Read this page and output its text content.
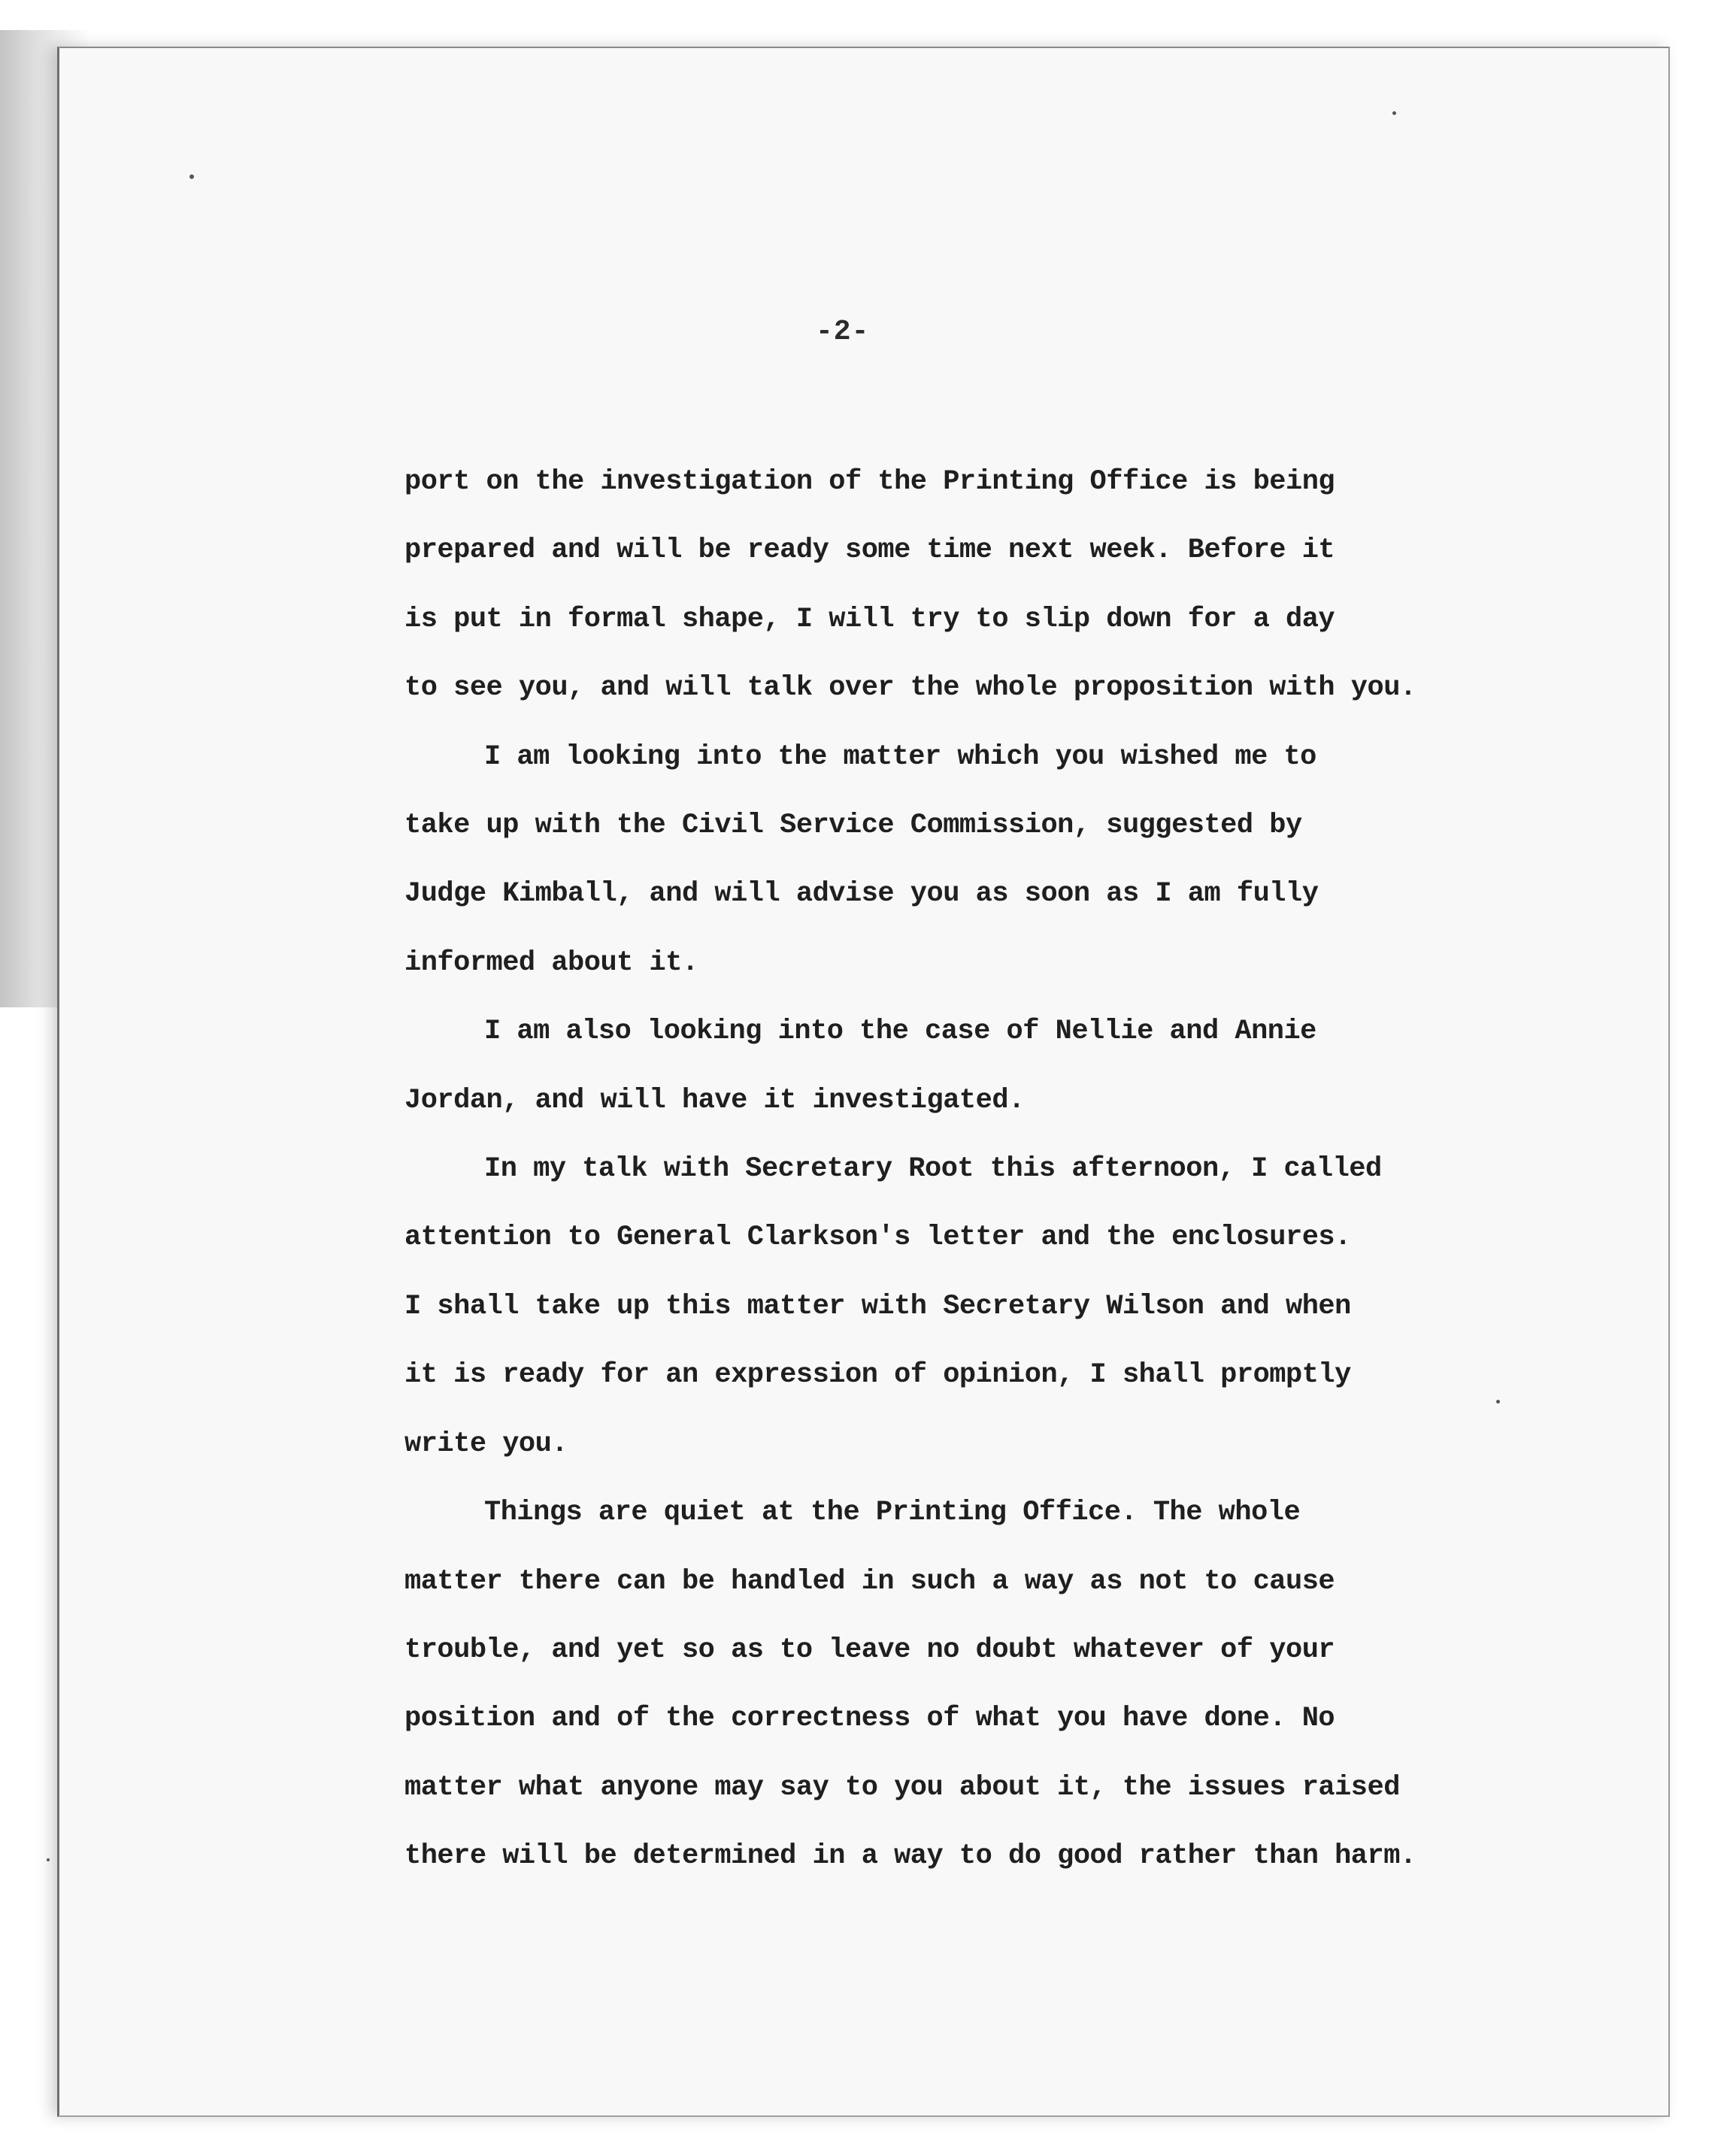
-2-

port on the investigation of the Printing Office is being
prepared and will be ready some time next week. Before it
is put in formal shape, I will try to slip down for a day
to see you, and will talk over the whole proposition with you.

I am looking into the matter which you wished me to
take up with the Civil Service Commission, suggested by
Judge Kimball, and will advise you as soon as I am fully
informed about it.

I am also looking into the case of Nellie and Annie
Jordan, and will have it investigated.

In my talk with Secretary Root this afternoon, I called
attention to General Clarkson's letter and the enclosures.
I shall take up this matter with Secretary Wilson and when
it is ready for an expression of opinion, I shall promptly
write you.

Things are quiet at the Printing Office. The whole
matter there can be handled in such a way as not to cause
trouble, and yet so as to leave no doubt whatever of your
position and of the correctness of what you have done. No
matter what anyone may say to you about it, the issues raised
there will be determined in a way to do good rather than harm.
